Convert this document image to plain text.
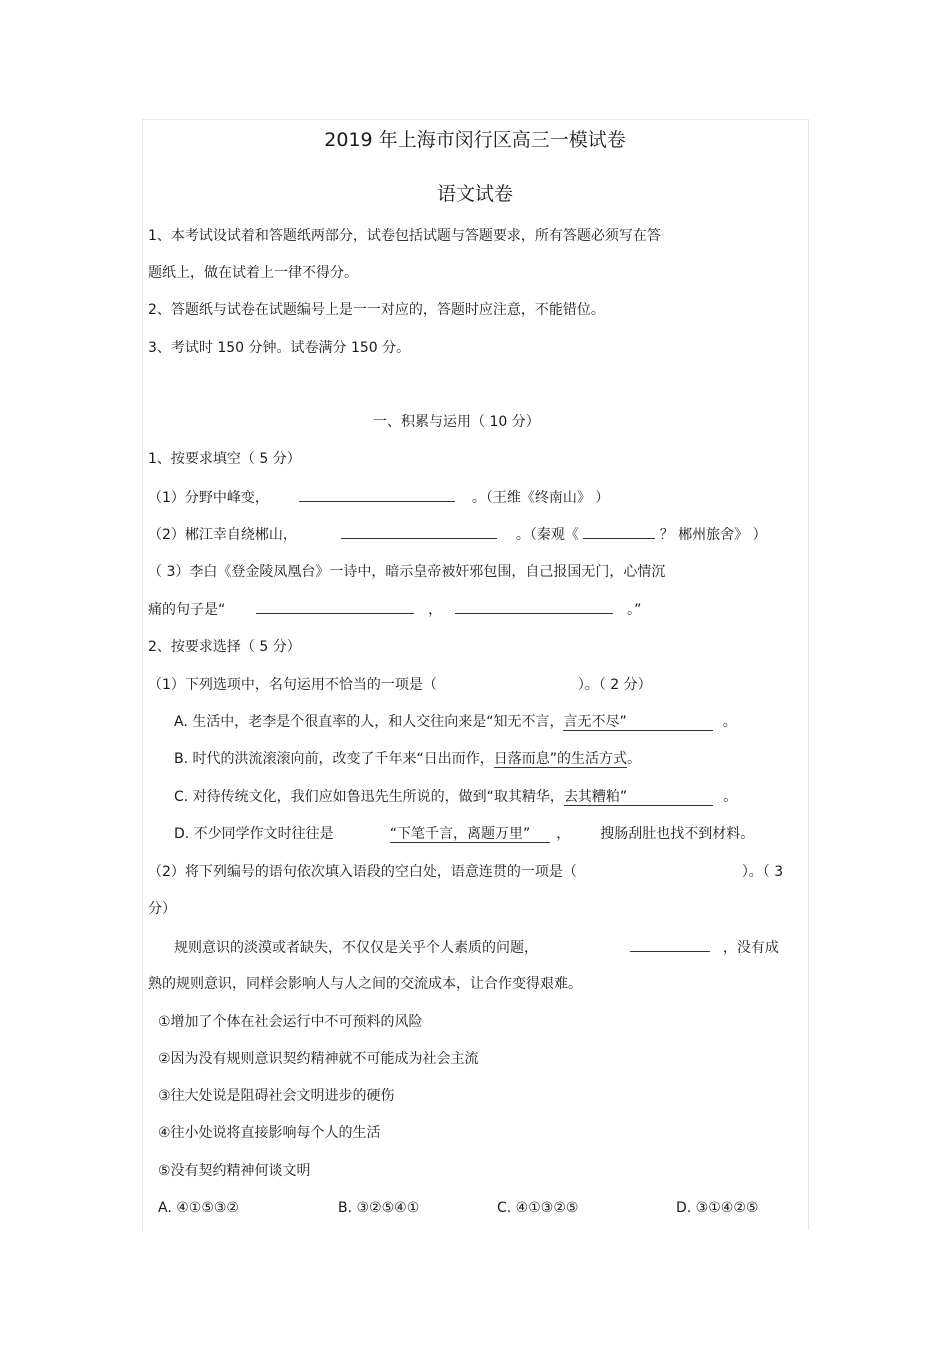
2019 年上海市闵行区高三一模试卷
语文试卷
1、本考试设试着和答题纸两部分，试卷包括试题与答题要求，所有答题必须写在答
题纸上，做在试着上一律不得分。
2、答题纸与试卷在试题编号上是一一对应的，答题时应注意，不能错位。
3、考试时 150 分钟。试卷满分 150 分。
一、积累与运用（ 10 分）
1、按要求填空（ 5 分）
（1）分野中峰变，	。（王维《终南山》 ）
（2）郴江幸自绕郴山，	。（秦观《	？ 郴州旅舍》 ）
（ 3）李白《登金陵凤凰台》一诗中，暗示皇帝被奸邪包围，自己报国无门，心情沉
痛的句子是“	，	。”
2、按要求选择（ 5 分）
（1）下列选项中，名句运用不恰当的一项是（	）。（ 2 分）
A. 生活中，老李是个很直率的人，和人交往向来是“知无不言，言无不尽”	。
B. 时代的洪流滚滚向前，改变了千年来“日出而作，日落而息”的生活方式。
C. 对待传统文化，我们应如鲁迅先生所说的，做到“取其精华，去其糟粕”	。
D. 不少同学作文时往往是	“下笔千言，离题万里” ， 搜肠刮肚也找不到材料。
（2）将下列编号的语句依次填入语段的空白处，语意连贯的一项是（	）。（ 3
分）
规则意识的淡漠或者缺失，不仅仅是关乎个人素质的问题，	，没有成
熟的规则意识，同样会影响人与人之间的交流成本，让合作变得艰难。
①增加了个体在社会运行中不可预料的风险
②因为没有规则意识契约精神就不可能成为社会主流
③往大处说是阻碍社会文明进步的硬伤
④往小处说将直接影响每个人的生活
⑤没有契约精神何谈文明
A. ④①⑤③②	B. ③②⑤④①	C. ④①③②⑤	D. ③①④②⑤
